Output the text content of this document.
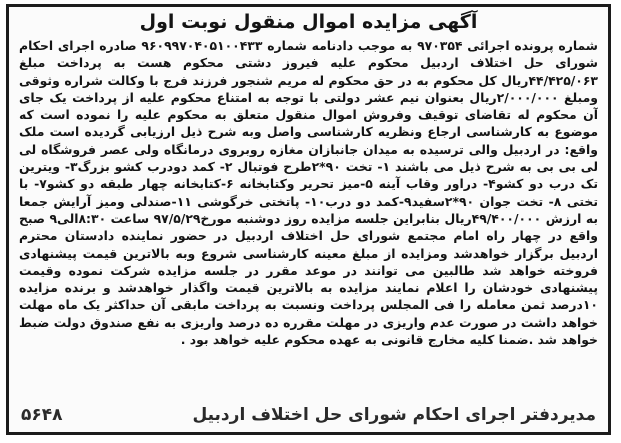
آگهی مزایده اموال منقول نوبت اول
شماره پرونده اجرائی ۹۷۰۳۵۴ به موجب دادنامه شماره ۹۶۰۹۹۷۰۴۰۵۱۰۰۴۳۳ صادره اجرای احکام شورای حل اختلاف اردبیل محکوم علیه فیروز دشتی محکوم هست به پرداخت مبلغ ۴۴/۴۲۵/۰۶۳ریال کل محکوم به در حق محکوم له مریم شنجور فرزند فرج با وکالت شراره وثوقی ومبلغ ۲/۰۰۰/۰۰۰ریال بعنوان نیم عشر دولتی با توجه به امتناع محکوم علیه از پرداخت یک جای آن محکوم له تقاضای توقیف وفروش اموال منقول متعلق به محکوم علیه را نموده است که موضوع به کارشناسی ارجاع ونظریه کارشناسی واصل وبه شرح ذیل ارزیابی گردیده است ملک واقع: در اردبیل والی ترسیده به میدان جانبازان مغازه روبروی درمانگاه ولی عصر فروشگاه لی لی بی بی به شرح ذیل می باشند ۱- تخت ۹۰*۲طرح فوتبال ۲- کمد دودرب کشو بزرگ۳- ویترین تک درب دو کشو۴- دراور وقاب آینه ۵-میز تحریر وکتابخانه ۶-کتابخانه چهار طبقه دو کشو۷- با تختی ۸- تخت جوان ۹۰*۲سفید۹-کمد دو درب۱۰- پاتختی خرگوشی ۱۱-صندلی ومیز آرایش جمعا به ارزش ۴۹/۴۰۰/۰۰۰ریال بنابراین جلسه مزایده روز دوشنبه مورخ۹۷/۵/۲۹ ساعت ۸:۳۰الی۹ صبح واقع در چهار راه امام مجتمع شورای حل اختلاف اردبیل در حضور نماینده دادستان محترم اردبیل برگزار خواهدشد ومزایده از مبلغ معینه کارشناسی شروع وبه بالاترین قیمت پیشنهادی فروخته خواهد شد طالبین می توانند در موعد مقرر در جلسه مزایده شرکت نموده وقیمت پیشنهادی خودشان را اعلام نمایند مزایده به بالاترین قیمت واگذار خواهدشد و برنده مزایده ۱۰درصد ثمن معامله را فی المجلس پرداخت ونسبت به پرداخت مابقی آن حداکثر یک ماه مهلت خواهد داشت در صورت عدم واریزی در مهلت مقرره ده درصد واریزی به نفع صندوق دولت ضبط خواهد شد .ضمنا کلیه مخارج قانونی به عهده محکوم علیه خواهد بود .
مدیردفتر اجرای احکام شورای حل اختلاف اردبیل
۵۶۴۸
